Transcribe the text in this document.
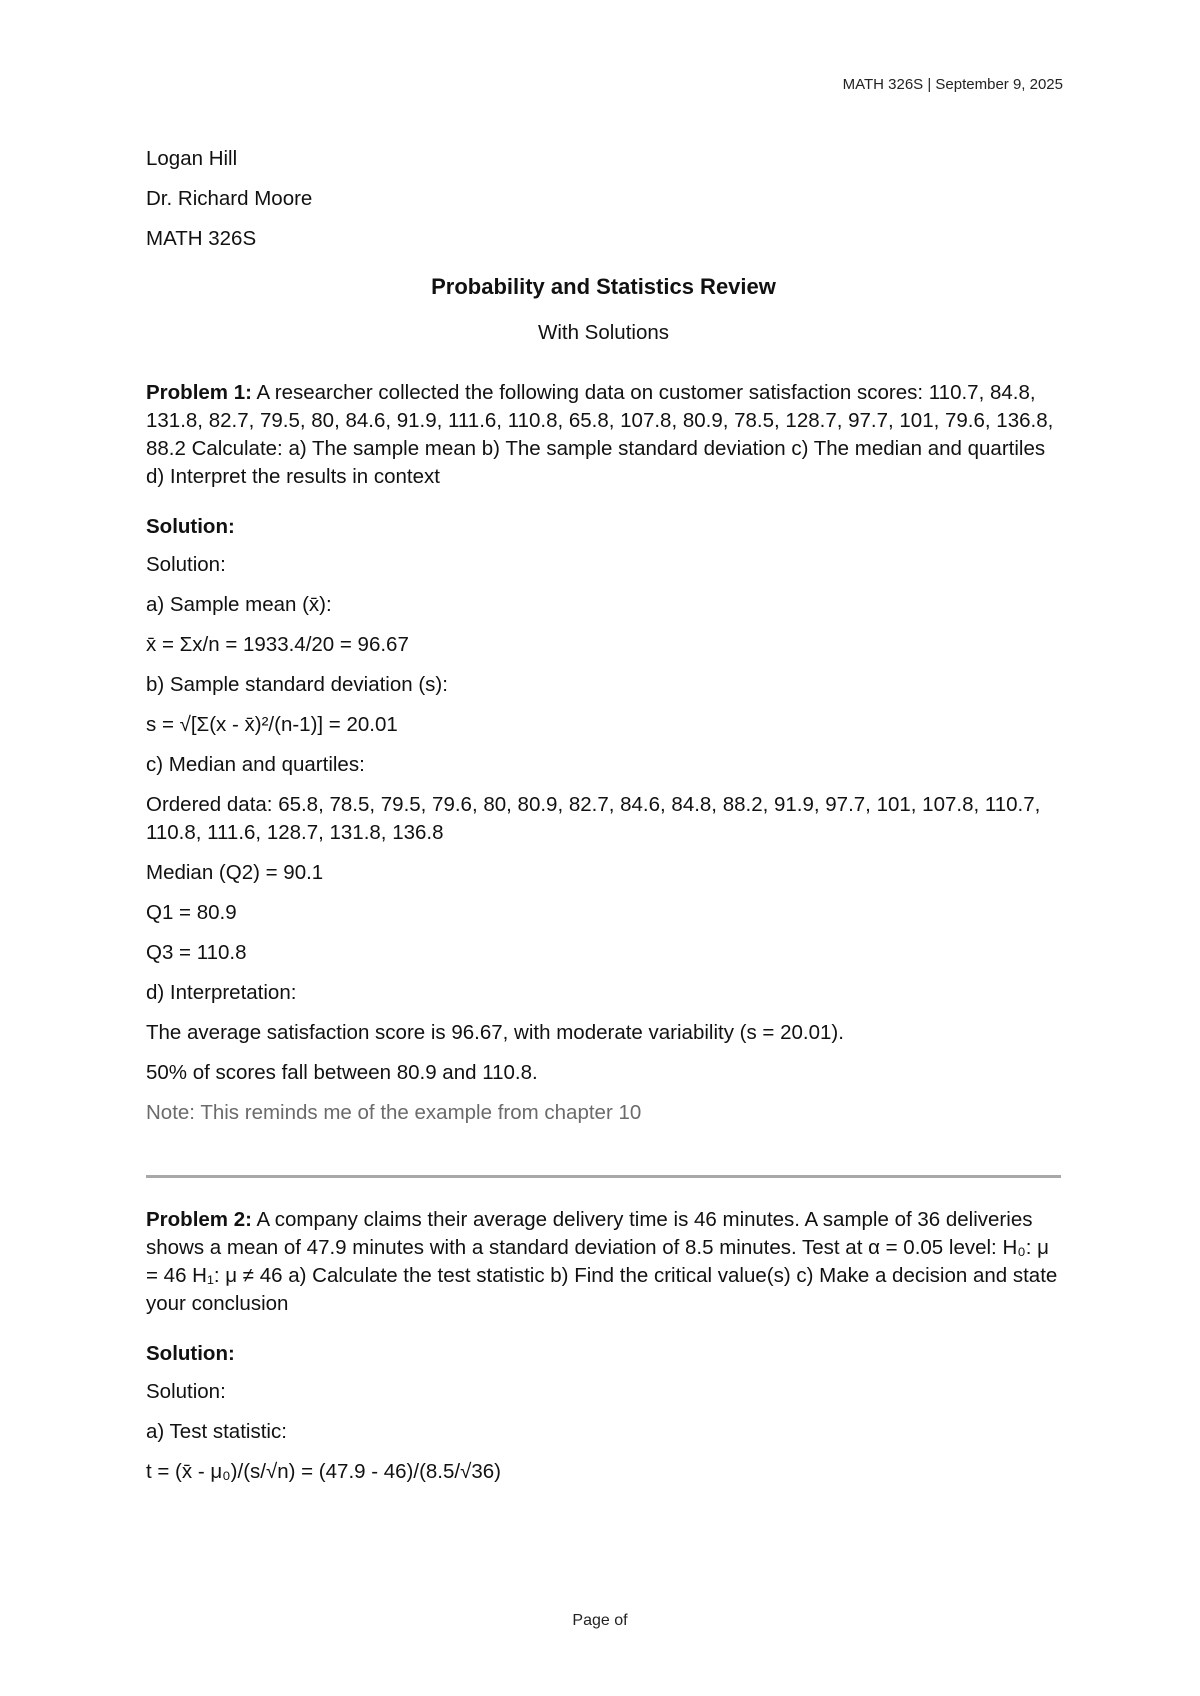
MATH 326S | September 9, 2025

Logan Hill

Dr. Richard Moore

MATH 326S

Probability and Statistics Review

With Solutions

Problem 1: A researcher collected the following data on customer satisfaction scores: 110.7, 84.8, 131.8, 82.7, 79.5, 80, 84.6, 91.9, 111.6, 110.8, 65.8, 107.8, 80.9, 78.5, 128.7, 97.7, 101, 79.6, 136.8, 88.2 Calculate: a) The sample mean b) The sample standard deviation c) The median and quartiles d) Interpret the results in context

Solution:

Solution:

a) Sample mean (x̄):

x̄ = Σx/n = 1933.4/20 = 96.67

b) Sample standard deviation (s):

s = √[Σ(x - x̄)²/(n-1)] = 20.01

c) Median and quartiles:

Ordered data: 65.8, 78.5, 79.5, 79.6, 80, 80.9, 82.7, 84.6, 84.8, 88.2, 91.9, 97.7, 101, 107.8, 110.7, 110.8, 111.6, 128.7, 131.8, 136.8

Median (Q2) = 90.1

Q1 = 80.9

Q3 = 110.8

d) Interpretation:

The average satisfaction score is 96.67, with moderate variability (s = 20.01).

50% of scores fall between 80.9 and 110.8.

Note: This reminds me of the example from chapter 10

Problem 2: A company claims their average delivery time is 46 minutes. A sample of 36 deliveries shows a mean of 47.9 minutes with a standard deviation of 8.5 minutes. Test at α = 0.05 level: H₀: μ = 46 H₁: μ ≠ 46 a) Calculate the test statistic b) Find the critical value(s) c) Make a decision and state your conclusion

Solution:

Solution:

a) Test statistic:

t = (x̄ - μ₀)/(s/√n) = (47.9 - 46)/(8.5/√36)

Page of
